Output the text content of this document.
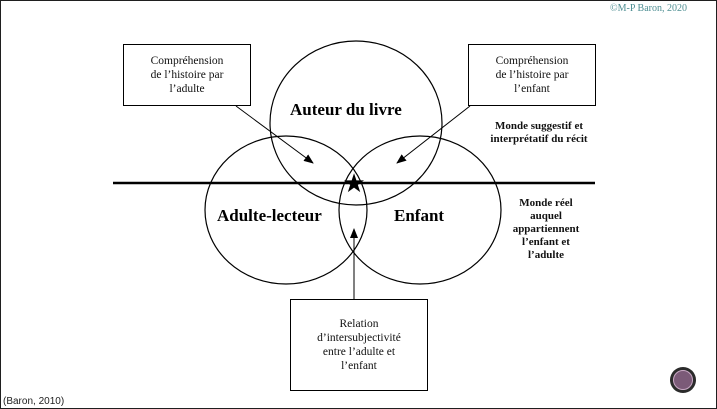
©M-P Baron, 2020
★
Auteur du livre
Adulte-lecteur	Enfant
Compréhension
de l’histoire par
l’adulte
Compréhension
de l’histoire par
l’enfant
Relation
d’intersubjectivité
entre l’adulte et
l’enfant
Monde suggestif et
interprétatif du récit
Monde réel
auquel
appartiennent
l’enfant et
l’adulte
(Baron, 2010)
